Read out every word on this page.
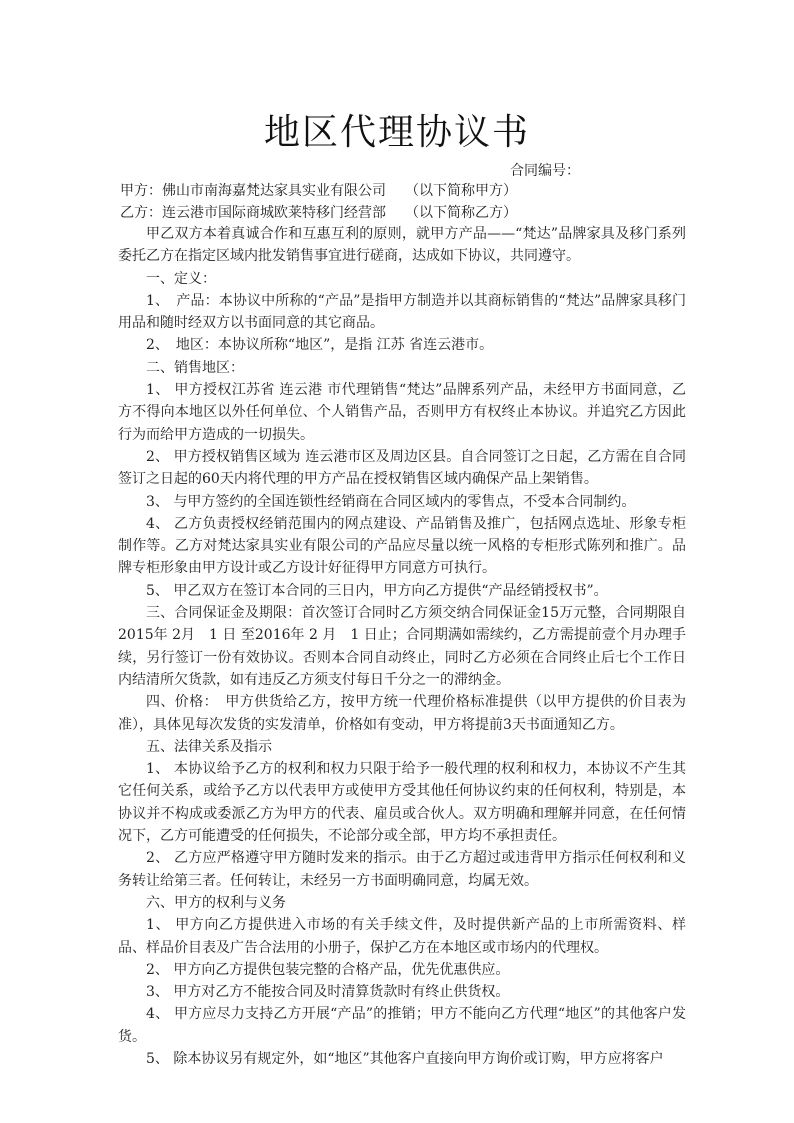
地区代理协议书
合同编号：
甲方：佛山市南海嘉梵达家具实业有限公司 （以下简称甲方）
乙方：连云港市国际商城欧莱特移门经营部 （以下简称乙方）

甲乙双方本着真诚合作和互惠互利的原则，就甲方产品——“梵达”品牌家具及移门系列委托乙方在指定区域内批发销售事宜进行磋商，达成如下协议，共同遵守。

一、定义：

1、　产品：本协议中所称的“产品”是指甲方制造并以其商标销售的“梵达”品牌家具移门用品和随时经双方以书面同意的其它商品。

2、　地区：本协议所称“地区”，是指 江苏 省连云港市。

二、销售地区：

1、 甲方授权江苏省 连云港 市代理销售“梵达”品牌系列产品，未经甲方书面同意，乙方不得向本地区以外任何单位、个人销售产品，否则甲方有权终止本协议。并追究乙方因此行为而给甲方造成的一切损失。

2、 甲方授权销售区域为 连云港市区及周边区县。自合同签订之日起，乙方需在自合同签订之日起的60天内将代理的甲方产品在授权销售区域内确保产品上架销售。

3、 与甲方签约的全国连锁性经销商在合同区域内的零售点，不受本合同制约。

4、 乙方负责授权经销范围内的网点建设、产品销售及推广，包括网点选址、形象专柜制作等。乙方对梵达家具实业有限公司的产品应尽量以统一风格的专柜形式陈列和推广。品牌专柜形象由甲方设计或乙方设计好征得甲方同意方可执行。

5、 甲乙双方在签订本合同的三日内，甲方向乙方提供“产品经销授权书”。

三、合同保证金及期限：首次签订合同时乙方须交纳合同保证金15万元整，合同期限自2015年 2月　1 日 至2016年 2 月　1 日止；合同期满如需续约，乙方需提前壹个月办理手续，另行签订一份有效协议。否则本合同自动终止，同时乙方必须在合同终止后七个工作日内结清所欠货款，如有违反乙方须支付每日千分之一的滞纳金。

四、价格：　甲方供货给乙方，按甲方统一代理价格标准提供（以甲方提供的价目表为准），具体见每次发货的实发清单，价格如有变动，甲方将提前3天书面通知乙方。

五、法律关系及指示

1、 本协议给予乙方的权利和权力只限于给予一般代理的权利和权力，本协议不产生其它任何关系，或给予乙方以代表甲方或使甲方受其他任何协议约束的任何权利，特别是，本协议并不构成或委派乙方为甲方的代表、雇员或合伙人。双方明确和理解并同意，在任何情况下，乙方可能遭受的任何损失，不论部分或全部，甲方均不承担责任。

2、 乙方应严格遵守甲方随时发来的指示。由于乙方超过或违背甲方指示任何权利和义务转让给第三者。任何转让，未经另一方书面明确同意，均属无效。

六、甲方的权利与义务

1、 甲方向乙方提供进入市场的有关手续文件，及时提供新产品的上市所需资料、样品、样品价目表及广告合法用的小册子，保护乙方在本地区或市场内的代理权。

2、 甲方向乙方提供包装完整的合格产品，优先优惠供应。

3、 甲方对乙方不能按合同及时清算货款时有终止供货权。

4、 甲方应尽力支持乙方开展“产品”的推销；甲方不能向乙方代理“地区”的其他客户发货。

5、 除本协议另有规定外，如“地区”其他客户直接向甲方询价或订购，甲方应将客户
